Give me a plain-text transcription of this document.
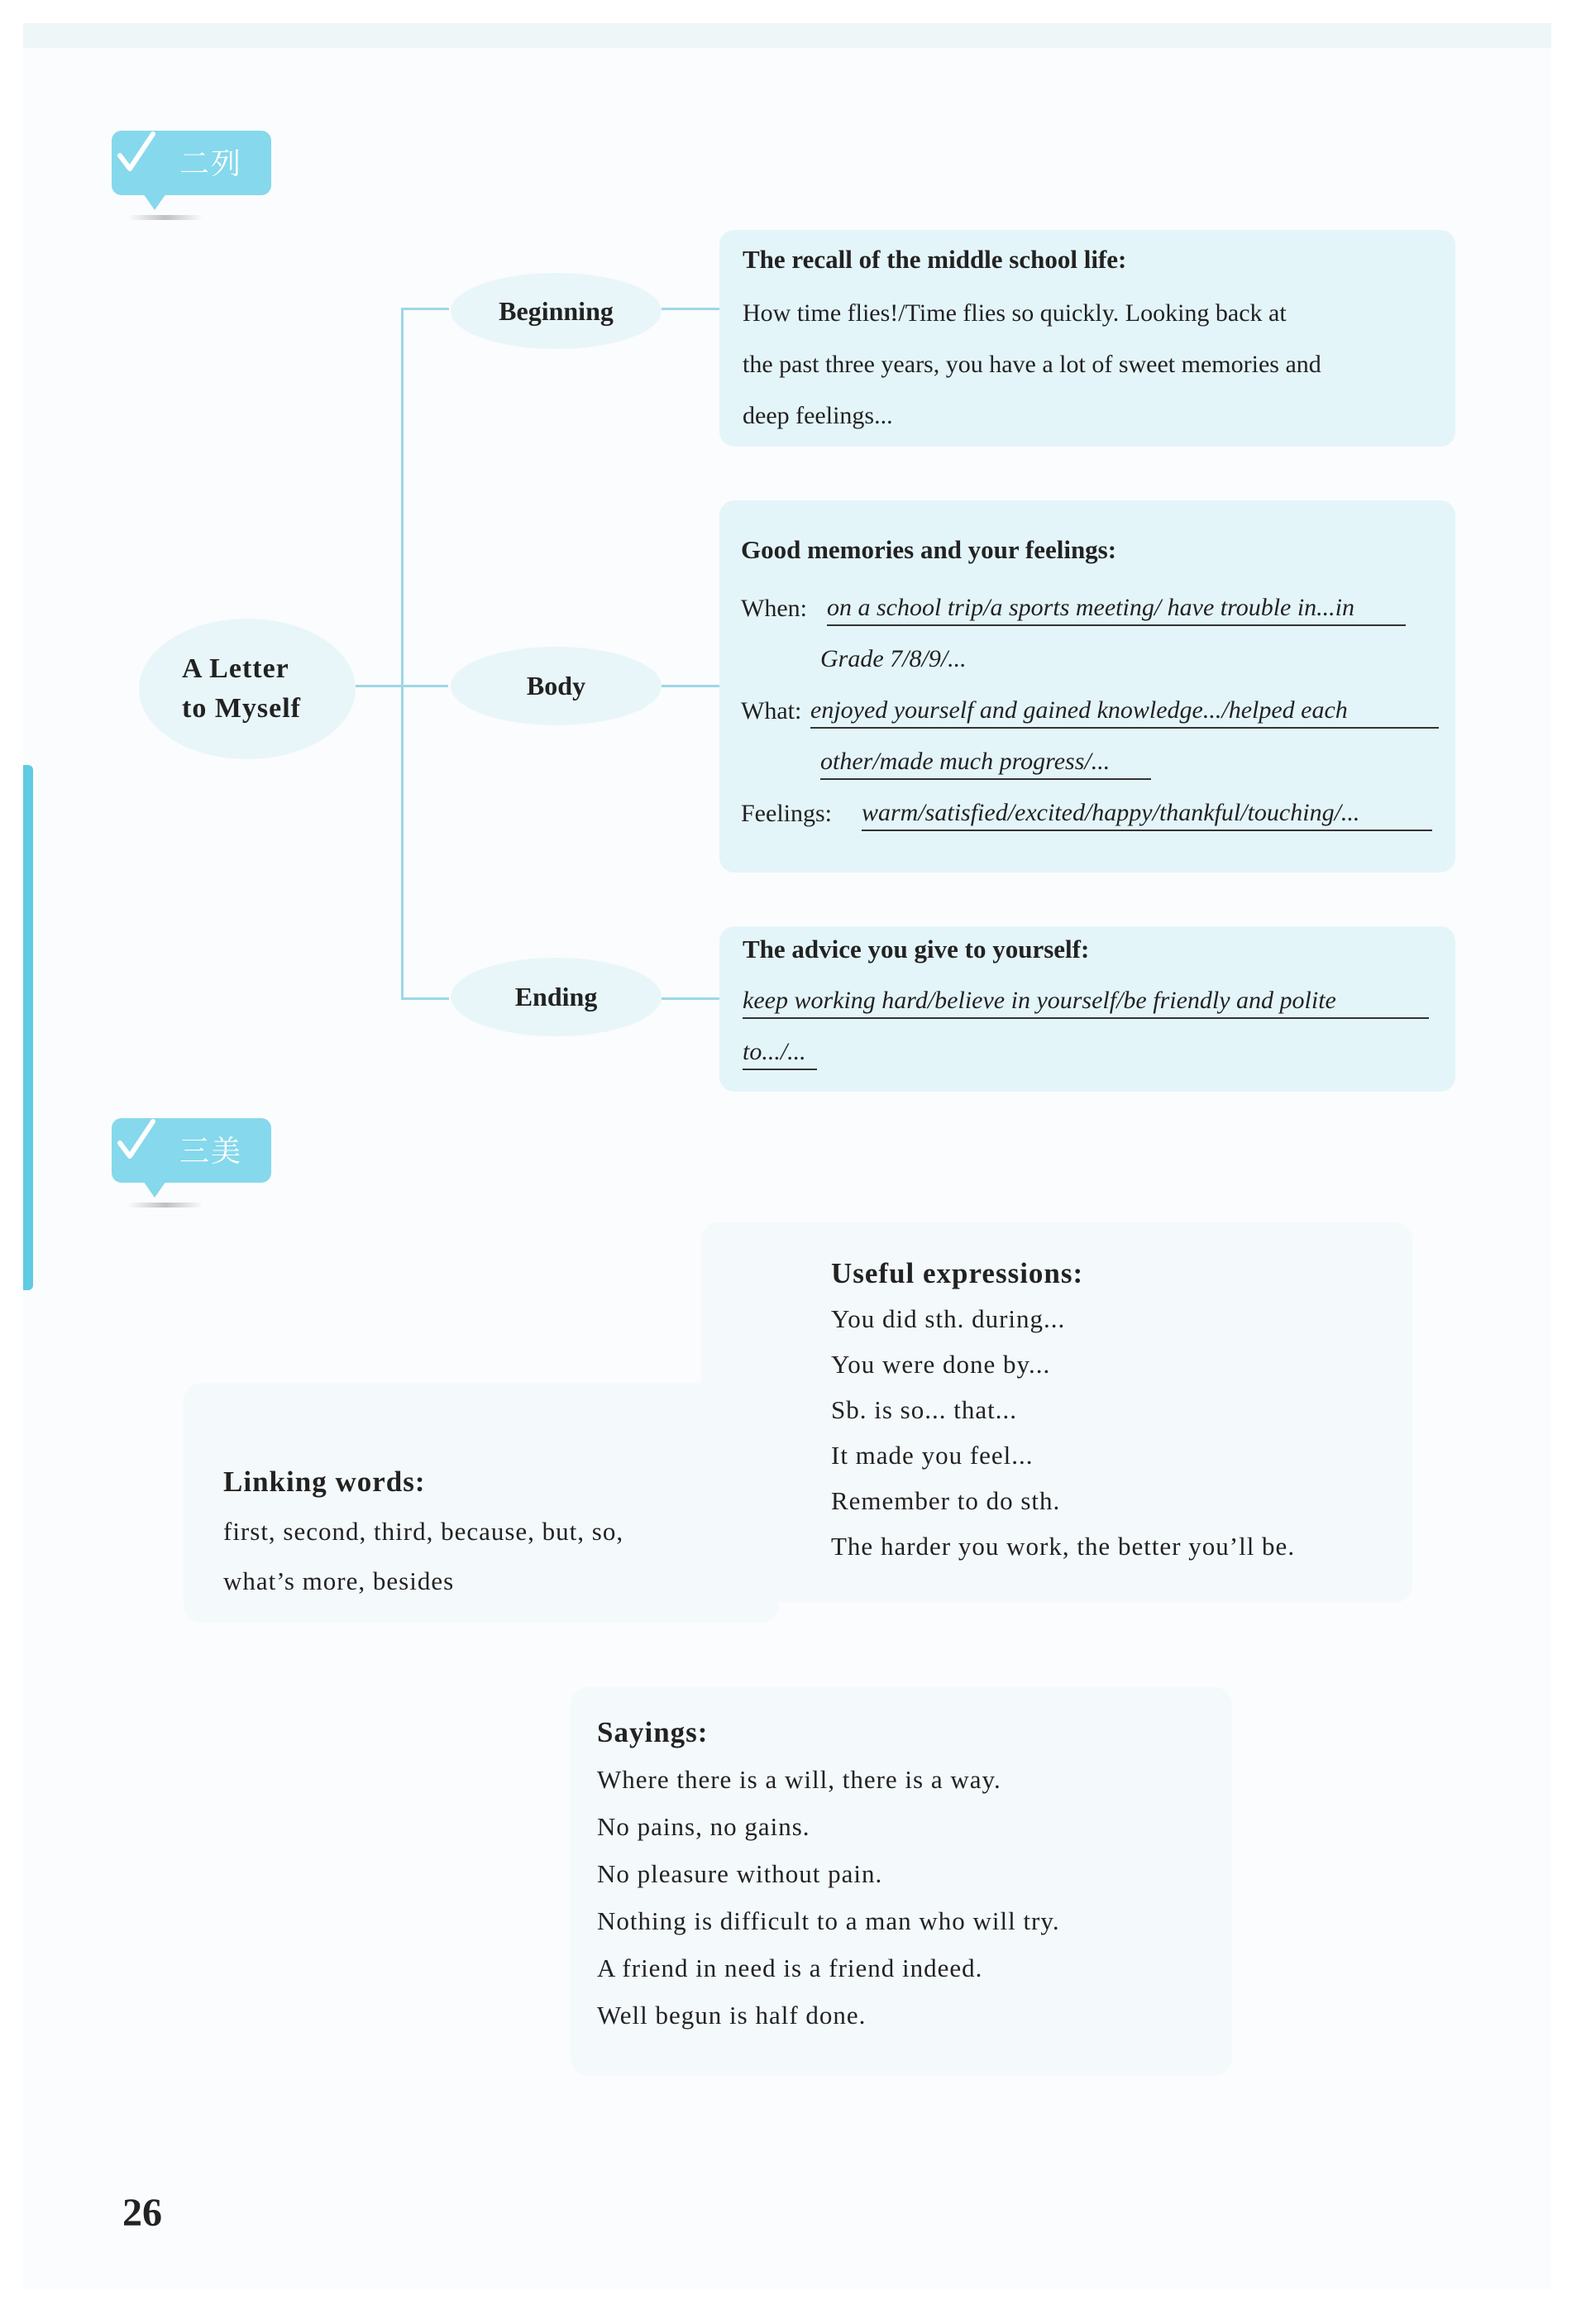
二列
A Letter
to Myself
Beginning
Body
Ending
The recall of the middle school life:
How time flies!/Time flies so quickly. Looking back at
the past three years, you have a lot of sweet memories and
deep feelings...
Good memories and your feelings:
When: on a school trip/a sports meeting/ have trouble in...in
Grade 7/8/9/...
What: enjoyed yourself and gained knowledge.../helped each
other/made much progress/...
Feelings: warm/satisfied/excited/happy/thankful/touching/...
The advice you give to yourself:
keep working hard/believe in yourself/be friendly and polite
to.../...
三美
Useful expressions:
You did sth. during...
You were done by...
Sb. is so... that...
It made you feel...
Remember to do sth.
The harder you work, the better you’ll be.
Linking words:
first, second, third, because, but, so,
what’s more, besides
Sayings:
Where there is a will, there is a way.
No pains, no gains.
No pleasure without pain.
Nothing is difficult to a man who will try.
A friend in need is a friend indeed.
Well begun is half done.
26
